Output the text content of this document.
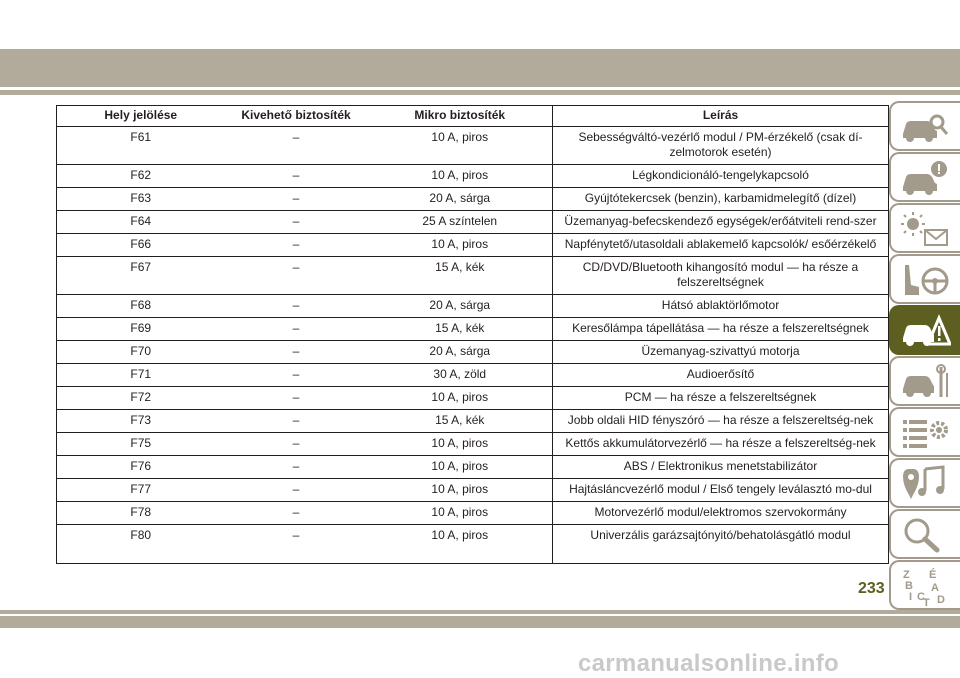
Hely jelölése	Kivehető biztosíték	Mikro biztosíték	Leírás
F61	–	10 A, piros	Sebességváltó-vezérlő modul / PM-érzékelő (csak dí-zelmotorok esetén)
F62	–	10 A, piros	Légkondicionáló-tengelykapcsoló
F63	–	20 A, sárga	Gyújtótekercsek (benzin), karbamidmelegítő (dízel)
F64	–	25 A színtelen	Üzemanyag-befecskendező egységek/erőátviteli rend-szer
F66	–	10 A, piros	Napfénytető/utasoldali ablakemelő kapcsolók/ esőérzékelő
F67	–	15 A, kék	CD/DVD/Bluetooth kihangosító modul — ha része a felszereltségnek
F68	–	20 A, sárga	Hátsó ablaktörlőmotor
F69	–	15 A, kék	Keresőlámpa tápellátása — ha része a felszereltségnek
F70	–	20 A, sárga	Üzemanyag-szivattyú motorja
F71	–	30 A, zöld	Audioerősítő
F72	–	10 A, piros	PCM — ha része a felszereltségnek
F73	–	15 A, kék	Jobb oldali HID fényszóró — ha része a felszereltség-nek
F75	–	10 A, piros	Kettős akkumulátorvezérlő — ha része a felszereltség-nek
F76	–	10 A, piros	ABS / Elektronikus menetstabilizátor
F77	–	10 A, piros	Hajtásláncvezérlő modul / Első tengely leválasztó mo-dul
F78	–	10 A, piros	Motorvezérlő modul/elektromos szervokormány
F80	–	10 A, piros	Univerzális garázsajtónyitó/behatolásgátló modul
Z É
B A
I C D
T
233
carmanualsonline.info
